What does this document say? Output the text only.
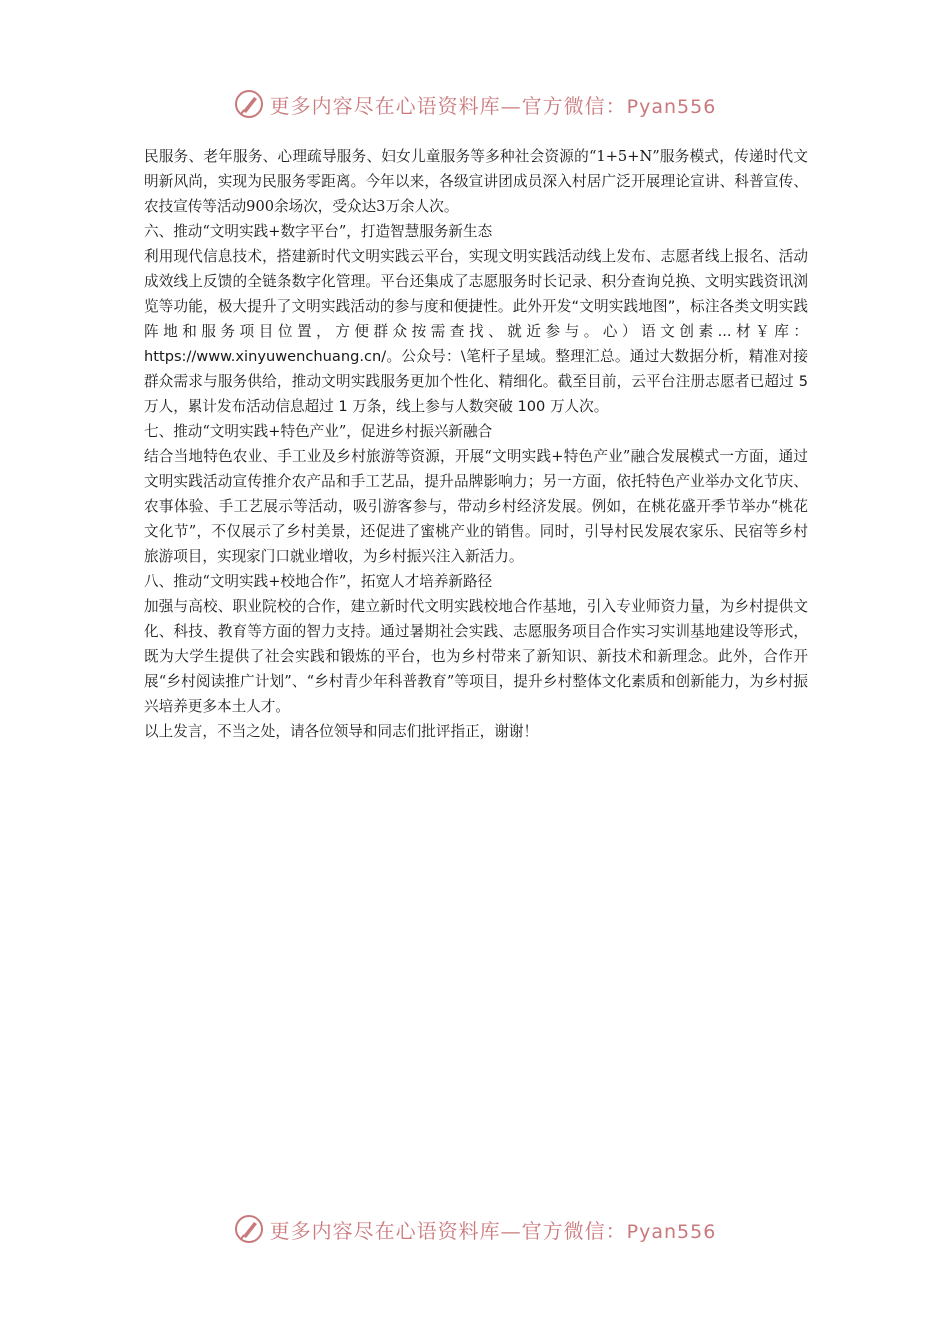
更多内容尽在心语资料库—官方微信：Pyan556

民服务、老年服务、心理疏导服务、妇女儿童服务等多种社会资源的“1+5+N”服务模式，传递时代文明新风尚，实现为民服务零距离。今年以来，各级宣讲团成员深入村居广泛开展理论宣讲、科普宣传、农技宣传等活动900余场次，受众达3万余人次。

六、推动“文明实践+数字平台”，打造智慧服务新生态

利用现代信息技术，搭建新时代文明实践云平台，实现文明实践活动线上发布、志愿者线上报名、活动成效线上反馈的全链条数字化管理。平台还集成了志愿服务时长记录、积分查询兑换、文明实践资讯浏览等功能，极大提升了文明实践活动的参与度和便捷性。此外开发“文明实践地图”，标注各类文明实践阵地和服务项目位置，方便群众按需查找、就近参与。心）语文创素...材￥库：https://www.xinyuwenchuang.cn/。公众号：\笔杆子星域。整理汇总。通过大数据分析，精准对接群众需求与服务供给，推动文明实践服务更加个性化、精细化。截至目前，云平台注册志愿者已超过 5 万人，累计发布活动信息超过 1 万条，线上参与人数突破 100 万人次。

七、推动“文明实践+特色产业”，促进乡村振兴新融合

结合当地特色农业、手工业及乡村旅游等资源，开展“文明实践+特色产业”融合发展模式一方面，通过文明实践活动宣传推介农产品和手工艺品，提升品牌影响力；另一方面，依托特色产业举办文化节庆、农事体验、手工艺展示等活动，吸引游客参与，带动乡村经济发展。例如，在桃花盛开季节举办“桃花文化节”，不仅展示了乡村美景，还促进了蜜桃产业的销售。同时，引导村民发展农家乐、民宿等乡村旅游项目，实现家门口就业增收，为乡村振兴注入新活力。

八、推动“文明实践+校地合作”，拓宽人才培养新路径

加强与高校、职业院校的合作，建立新时代文明实践校地合作基地，引入专业师资力量，为乡村提供文化、科技、教育等方面的智力支持。通过暑期社会实践、志愿服务项目合作实习实训基地建设等形式，既为大学生提供了社会实践和锻炼的平台，也为乡村带来了新知识、新技术和新理念。此外，合作开展“乡村阅读推广计划”、“乡村青少年科普教育”等项目，提升乡村整体文化素质和创新能力，为乡村振兴培养更多本土人才。

以上发言，不当之处，请各位领导和同志们批评指正，谢谢！

更多内容尽在心语资料库—官方微信：Pyan556
